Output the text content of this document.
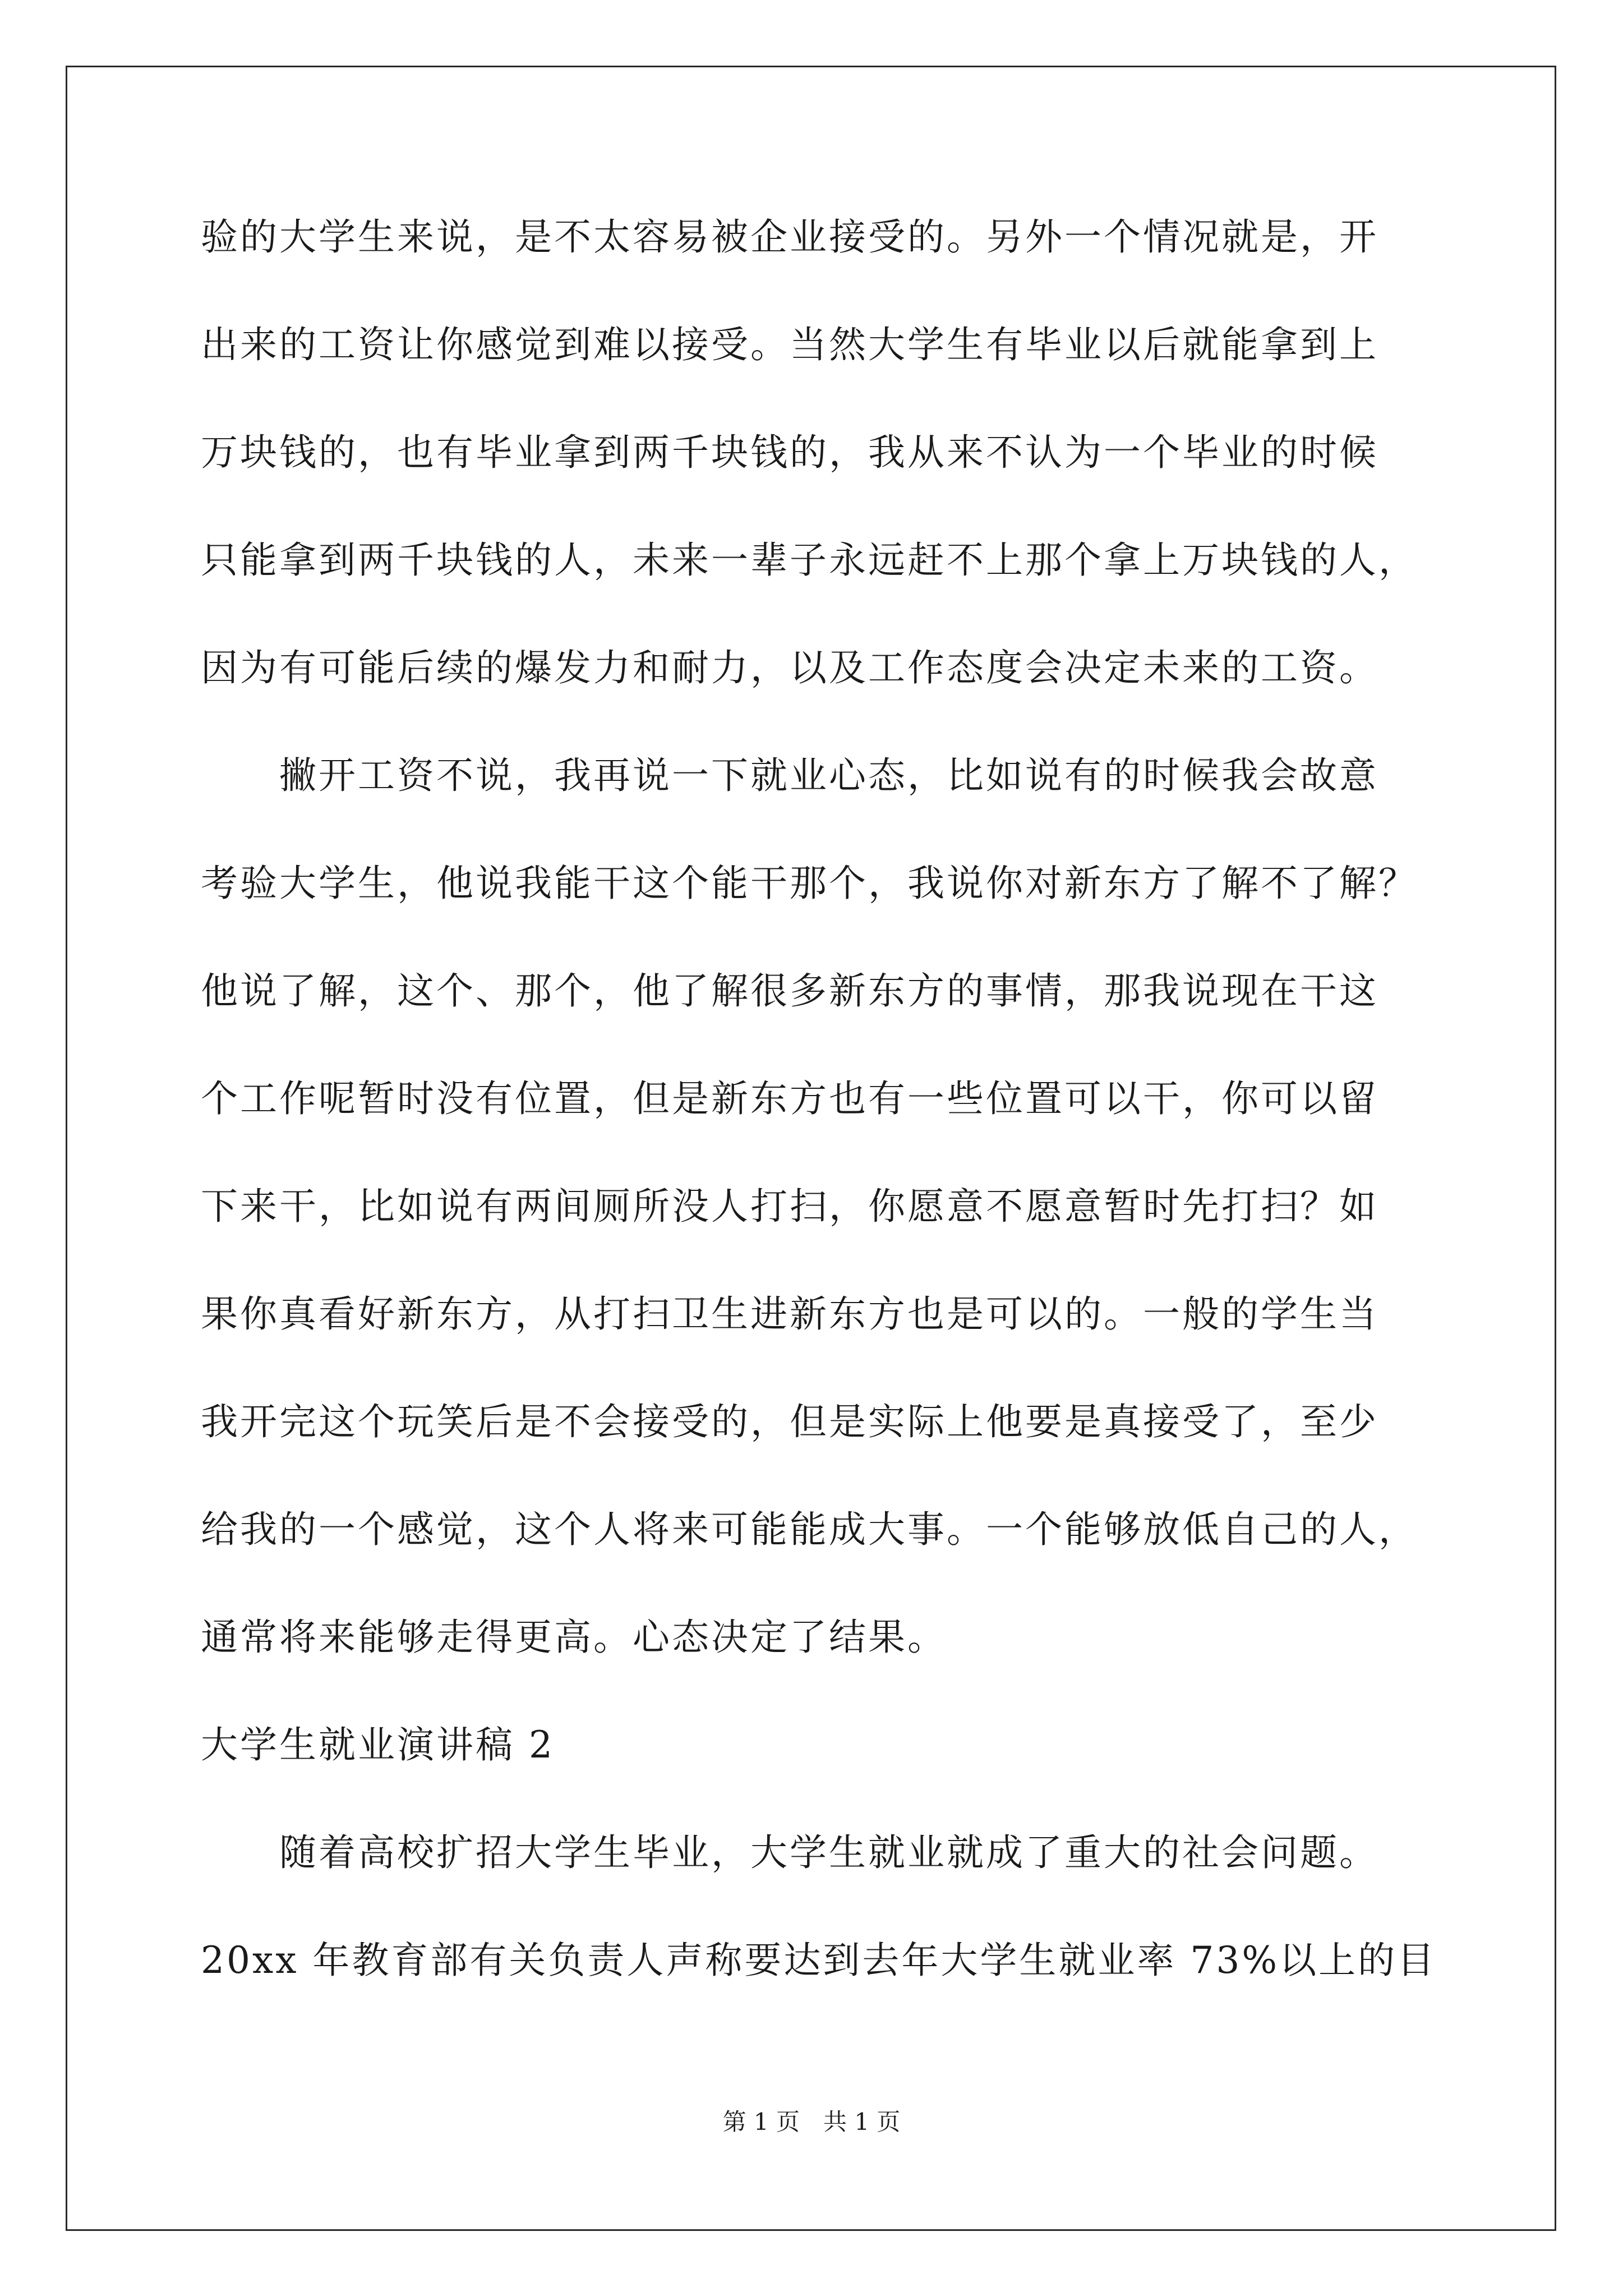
验的大学生来说，是不太容易被企业接受的。另外一个情况就是，开
出来的工资让你感觉到难以接受。当然大学生有毕业以后就能拿到上
万块钱的，也有毕业拿到两千块钱的，我从来不认为一个毕业的时候
只能拿到两千块钱的人，未来一辈子永远赶不上那个拿上万块钱的人，
因为有可能后续的爆发力和耐力，以及工作态度会决定未来的工资。
　　撇开工资不说，我再说一下就业心态，比如说有的时候我会故意
考验大学生，他说我能干这个能干那个，我说你对新东方了解不了解？
他说了解，这个、那个，他了解很多新东方的事情，那我说现在干这
个工作呢暂时没有位置，但是新东方也有一些位置可以干，你可以留
下来干，比如说有两间厕所没人打扫，你愿意不愿意暂时先打扫？如
果你真看好新东方，从打扫卫生进新东方也是可以的。一般的学生当
我开完这个玩笑后是不会接受的，但是实际上他要是真接受了，至少
给我的一个感觉，这个人将来可能能成大事。一个能够放低自己的人，
通常将来能够走得更高。心态决定了结果。
大学生就业演讲稿 2
　　随着高校扩招大学生毕业，大学生就业就成了重大的社会问题。
20xx 年教育部有关负责人声称要达到去年大学生就业率 73%以上的目
第 1 页　共 1 页
